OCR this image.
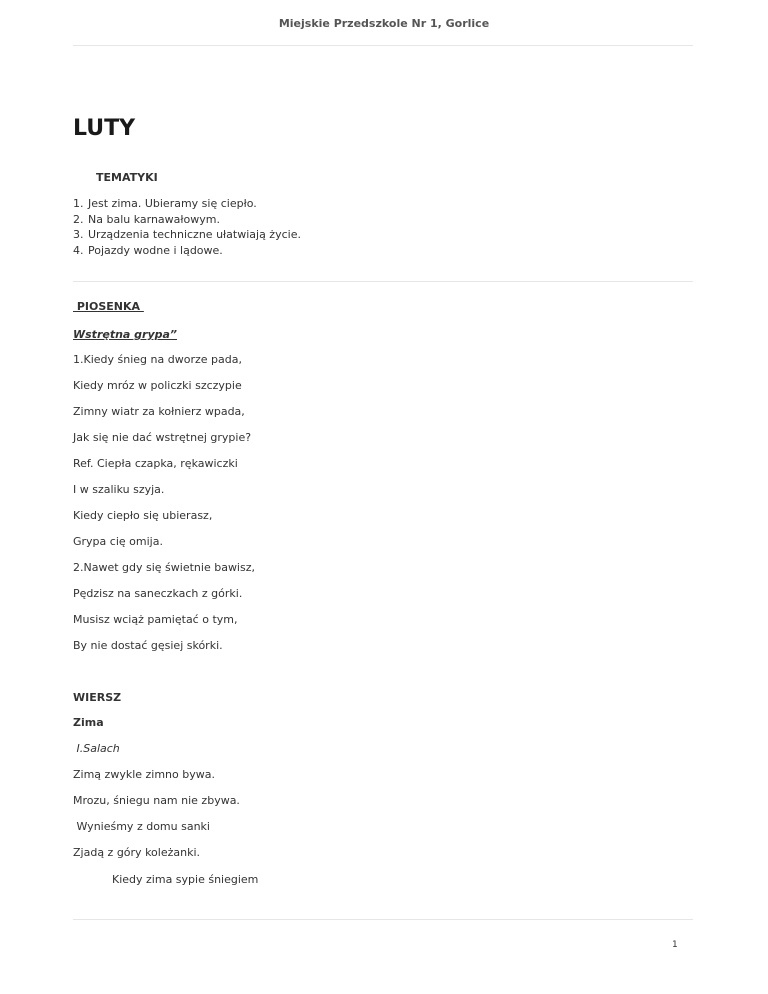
Miejskie Przedszkole Nr 1, Gorlice
LUTY
TEMATYKI
1. Jest zima. Ubieramy się ciepło.
2. Na balu karnawałowym.
3. Urządzenia techniczne ułatwiają życie.
4. Pojazdy wodne i lądowe.
PIOSENKA
Wstrętna grypa”
1.Kiedy śnieg na dworze pada,
Kiedy mróz w policzki szczypie
Zimny wiatr za kołnierz wpada,
Jak się nie dać wstrętnej grypie?
Ref. Ciepła czapka, rękawiczki
I w szaliku szyja.
Kiedy ciepło się ubierasz,
Grypa cię omija.
2.Nawet gdy się świetnie bawisz,
Pędzisz na saneczkach z górki.
Musisz wciąż pamiętać o tym,
By nie dostać gęsiej skórki.
WIERSZ
Zima
I.Salach
Zimą zwykle zimno bywa.
Mrozu, śniegu nam nie zbywa.
Wynieśmy z domu sanki
Zjadą z góry koleżanki.
Kiedy zima sypie śniegiem
1
